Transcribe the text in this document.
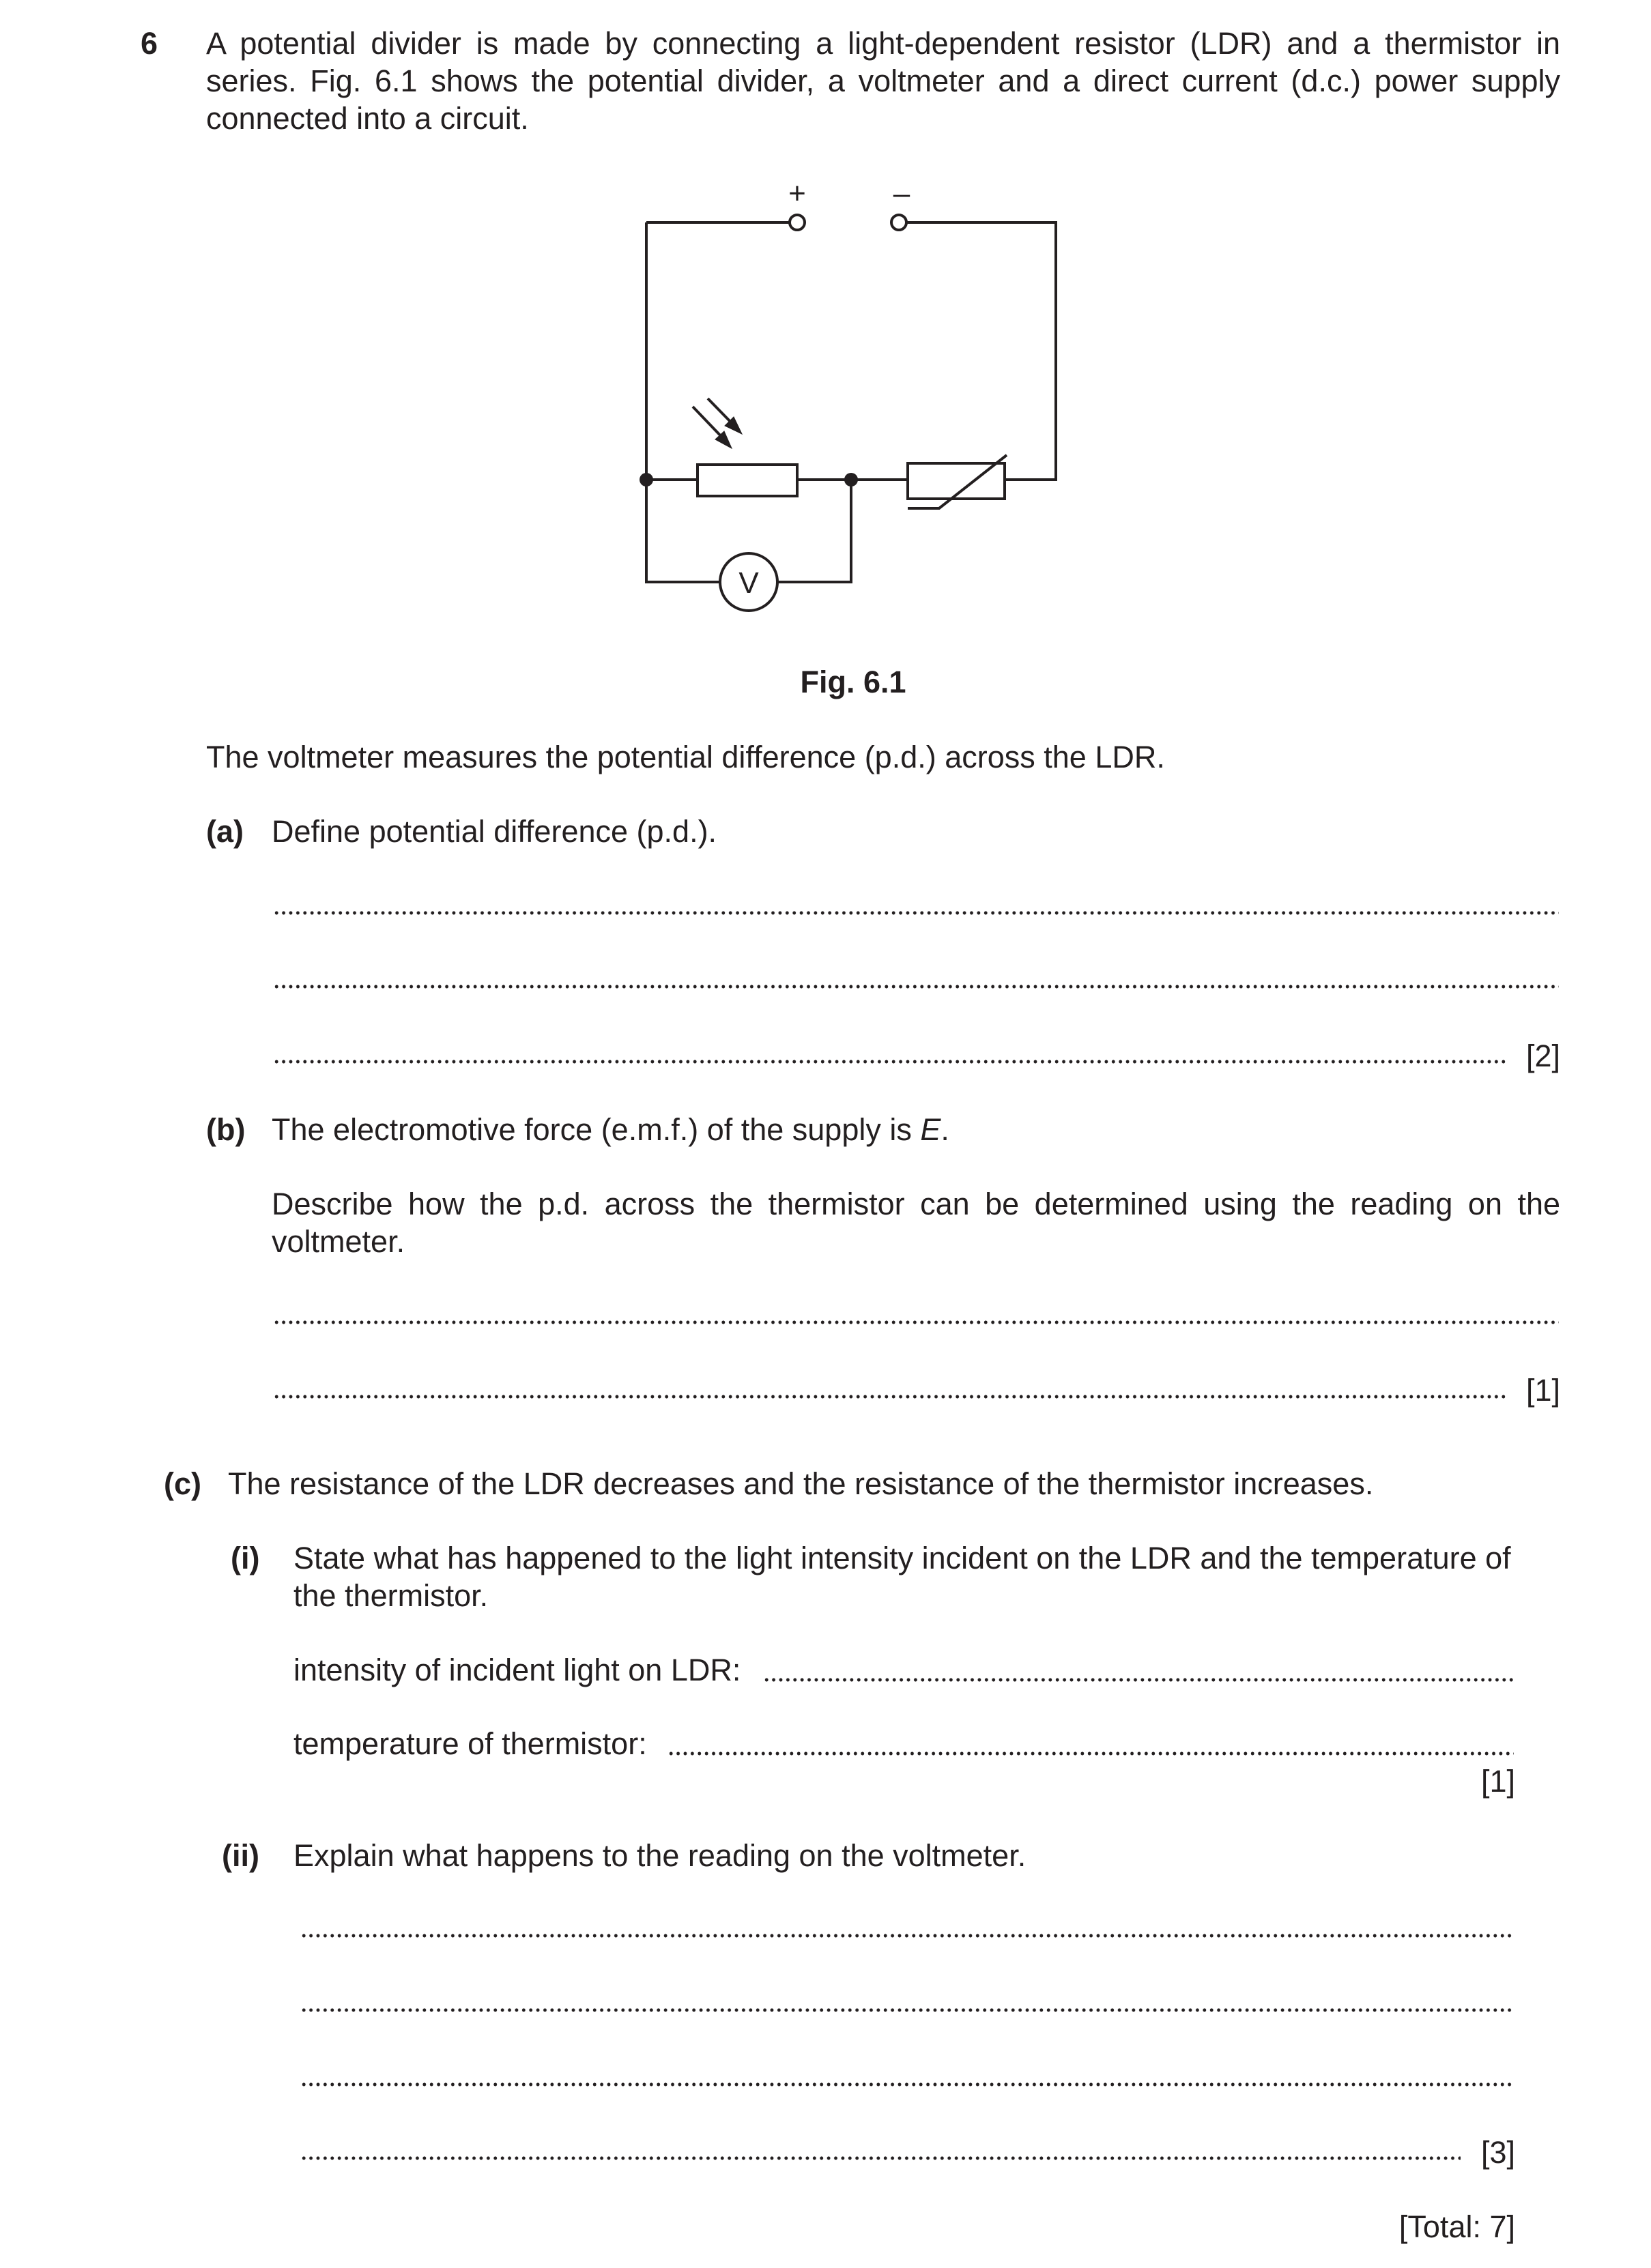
6 A potential divider is made by connecting a light-dependent resistor (LDR) and a thermistor in series. Fig. 6.1 shows the potential divider, a voltmeter and a direct current (d.c.) power supply connected into a circuit.

+	–
V
Fig. 6.1

The voltmeter measures the potential difference (p.d.) across the LDR.

(a) Define potential difference (p.d.).

[2]
(b) The electromotive force (e.m.f.) of the supply is E.

Describe how the p.d. across the thermistor can be determined using the reading on the voltmeter.

[1]
(c) The resistance of the LDR decreases and the resistance of the thermistor increases.

(i) State what has happened to the light intensity incident on the LDR and the temperature of the thermistor.

intensity of incident light on LDR:
temperature of thermistor:
[1]
(ii) Explain what happens to the reading on the voltmeter.

[3]
[Total: 7]
